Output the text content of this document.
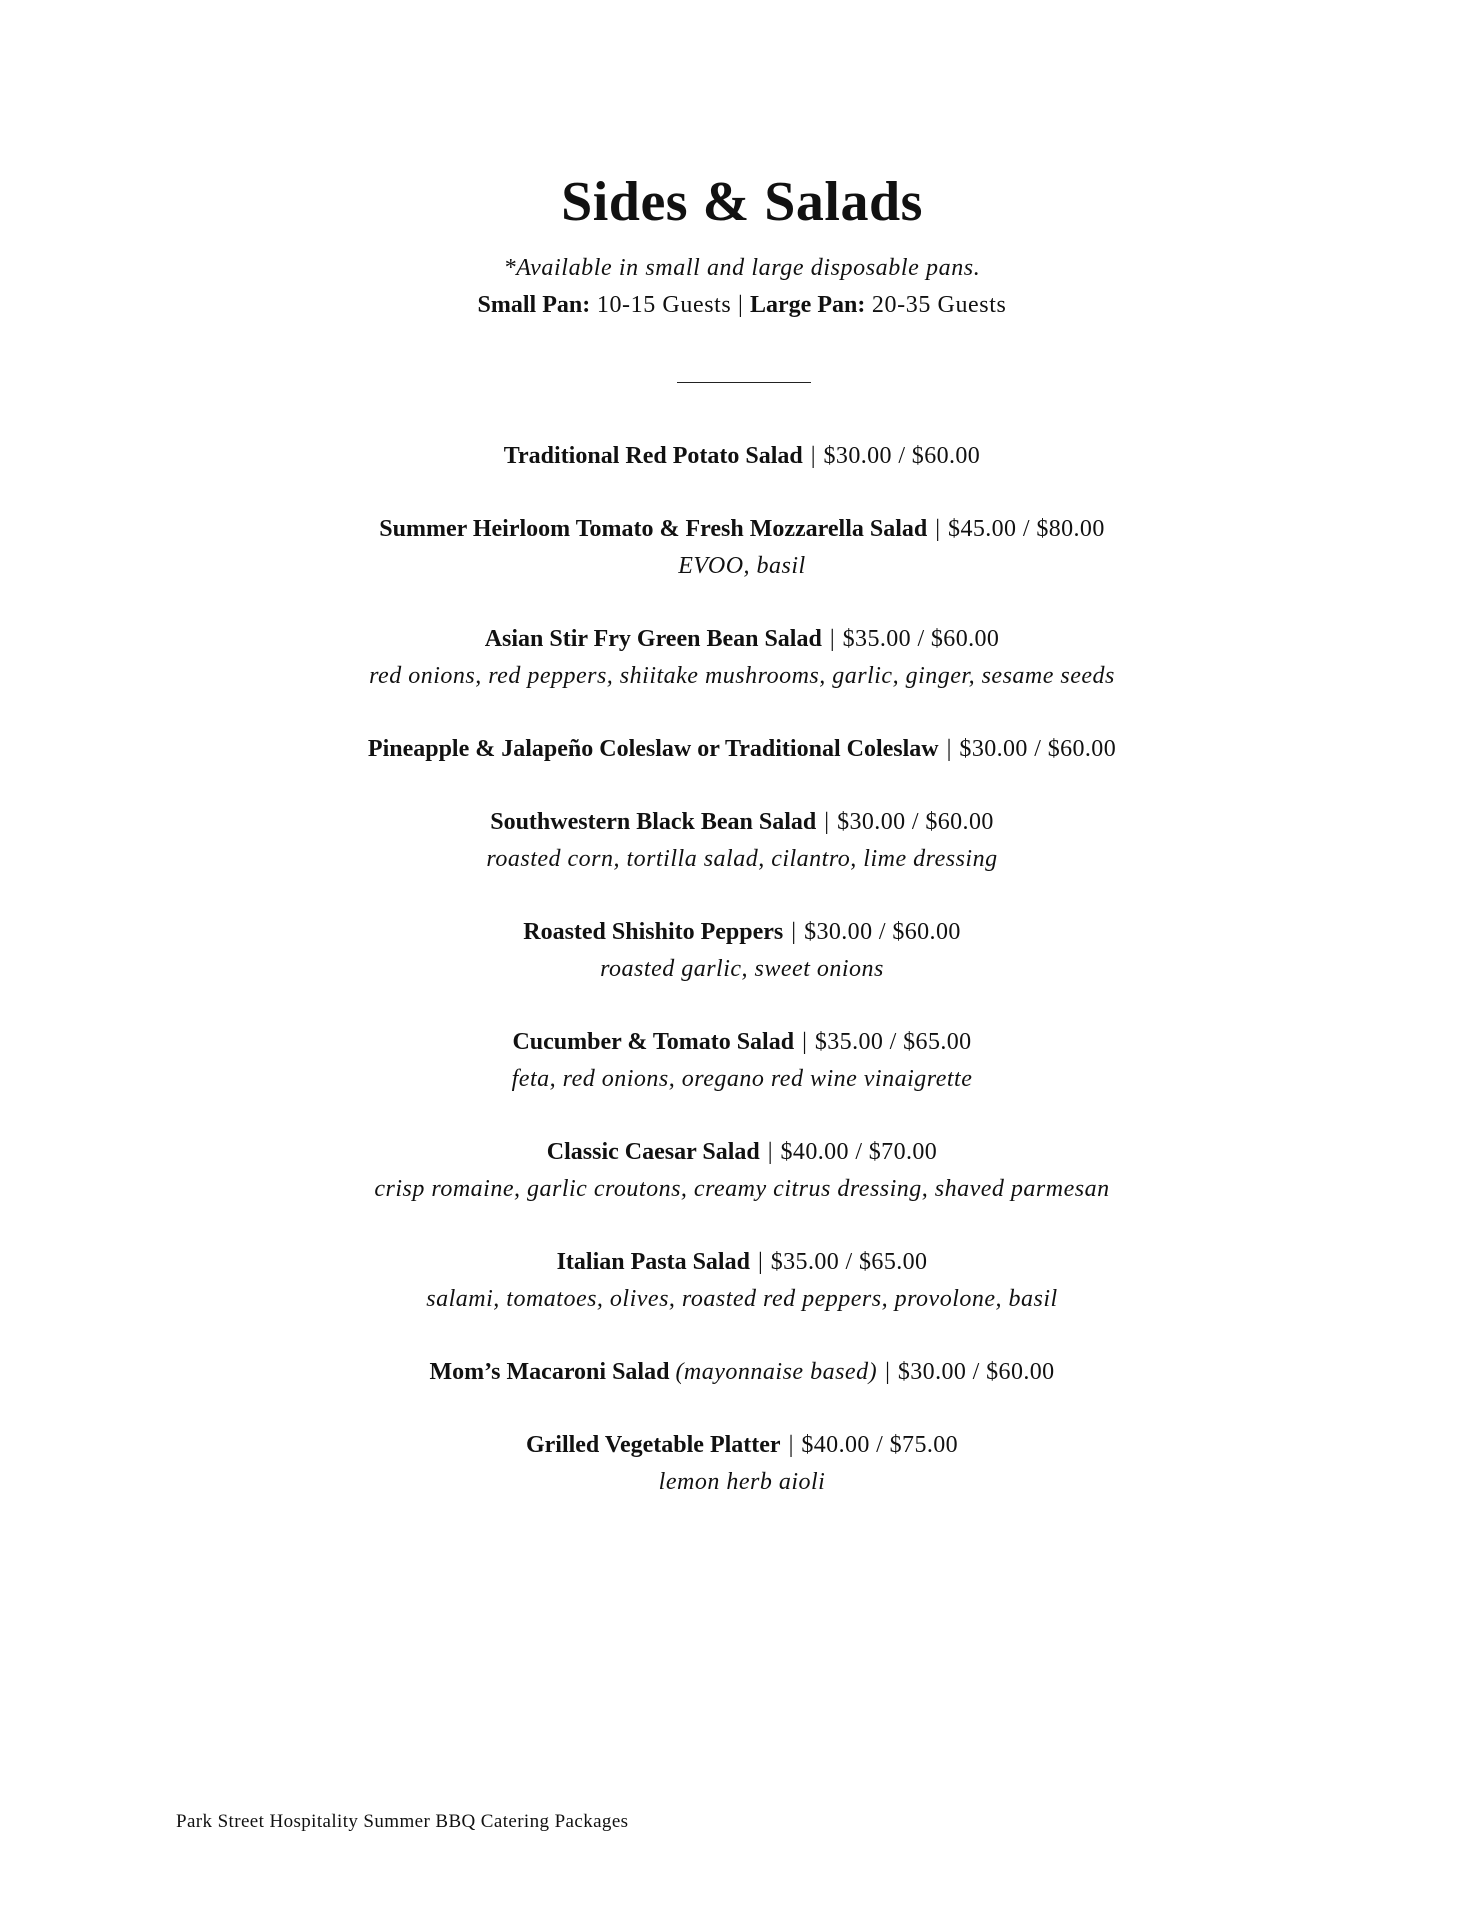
Sides & Salads
*Available in small and large disposable pans.
Small Pan: 10-15 Guests | Large Pan: 20-35 Guests
Traditional Red Potato Salad | $30.00 / $60.00
Summer Heirloom Tomato & Fresh Mozzarella Salad | $45.00 / $80.00
EVOO, basil
Asian Stir Fry Green Bean Salad | $35.00 / $60.00
red onions, red peppers, shiitake mushrooms, garlic, ginger, sesame seeds
Pineapple & Jalapeño Coleslaw or Traditional Coleslaw | $30.00 / $60.00
Southwestern Black Bean Salad | $30.00 / $60.00
roasted corn, tortilla salad, cilantro, lime dressing
Roasted Shishito Peppers | $30.00 / $60.00
roasted garlic, sweet onions
Cucumber & Tomato Salad | $35.00 / $65.00
feta, red onions, oregano red wine vinaigrette
Classic Caesar Salad | $40.00 / $70.00
crisp romaine, garlic croutons, creamy citrus dressing, shaved parmesan
Italian Pasta Salad | $35.00 / $65.00
salami, tomatoes, olives, roasted red peppers, provolone, basil
Mom’s Macaroni Salad (mayonnaise based) | $30.00 / $60.00
Grilled Vegetable Platter | $40.00 / $75.00
lemon herb aioli
Park Street Hospitality Summer BBQ Catering Packages
